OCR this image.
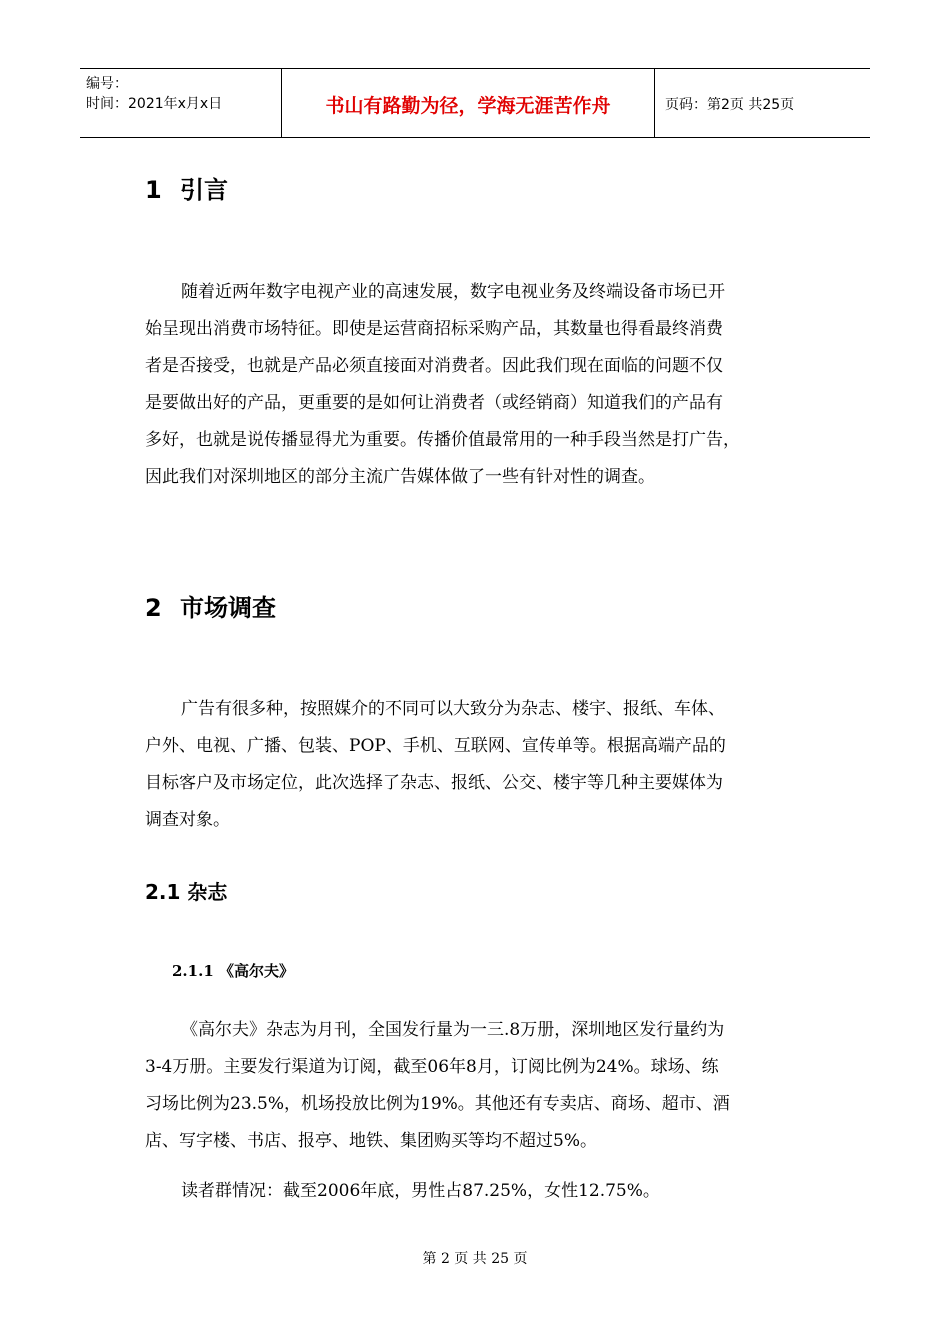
编号：
时间：2021年x月x日	书山有路勤为径，学海无涯苦作舟	页码：第2页 共25页
1 引言
随着近两年数字电视产业的高速发展，数字电视业务及终端设备市场已开
始呈现出消费市场特征。即使是运营商招标采购产品，其数量也得看最终消费
者是否接受，也就是产品必须直接面对消费者。因此我们现在面临的问题不仅
是要做出好的产品，更重要的是如何让消费者（或经销商）知道我们的产品有
多好，也就是说传播显得尤为重要。传播价值最常用的一种手段当然是打广告，
因此我们对深圳地区的部分主流广告媒体做了一些有针对性的调查。
2 市场调查
广告有很多种，按照媒介的不同可以大致分为杂志、楼宇、报纸、车体、
户外、电视、广播、包装、POP、手机、互联网、宣传单等。根据高端产品的
目标客户及市场定位，此次选择了杂志、报纸、公交、楼宇等几种主要媒体为
调查对象。
2.1 杂志
2.1.1 《高尔夫》
《高尔夫》杂志为月刊，全国发行量为一三.8万册，深圳地区发行量约为
3-4万册。主要发行渠道为订阅，截至06年8月，订阅比例为24%。球场、练
习场比例为23.5%，机场投放比例为19%。其他还有专卖店、商场、超市、酒
店、写字楼、书店、报亭、地铁、集团购买等均不超过5%。
读者群情况：截至2006年底，男性占87.25%，女性12.75%。
第 2 页 共 25 页
